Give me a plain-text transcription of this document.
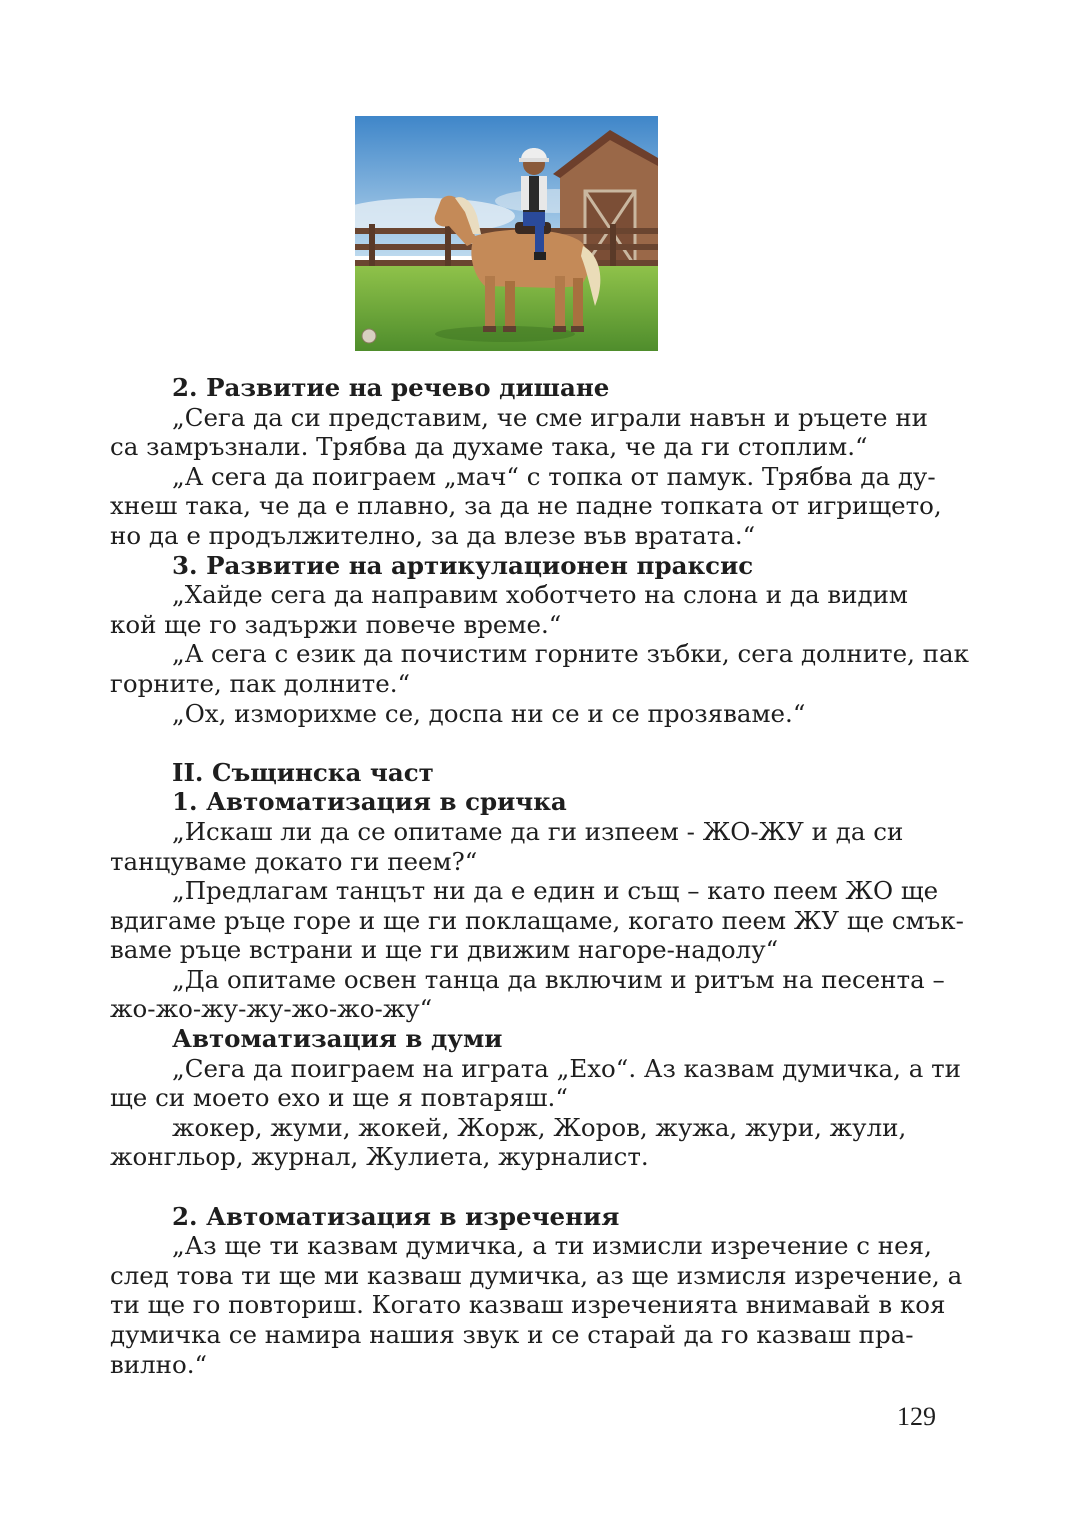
2. Развитие на речево дишане

„Сега да си представим, че сме играли навън и ръцете ни

са замръзнали. Трябва да духаме така, че да ги стоплим.“

„А сега да поиграем „мач“ с топка от памук. Трябва да ду-

хнеш така, че да е плавно, за да не падне топката от игрището,

но да е продължително, за да влезе във вратата.“

3. Развитие на артикулационен праксис

„Хайде сега да направим хоботчето на слона и да видим

кой ще го задържи повече време.“

„А сега с език да почистим горните зъбки, сега долните, пак

горните, пак долните.“

„Ох, изморихме се, доспа ни се и се прозяваме.“

II. Същинска част

1. Автоматизация в сричка

„Искаш ли да се опитаме да ги изпеем - ЖО-ЖУ и да си

танцуваме докато ги пеем?“

„Предлагам танцът ни да е един и същ – като пеем ЖО ще

вдигаме ръце горе и ще ги поклащаме, когато пеем ЖУ ще смък-

ваме ръце встрани и ще ги движим нагоре-надолу“

„Да опитаме освен танца да включим и ритъм на песента –

жо-жо-жу-жу-жо-жо-жу“

Автоматизация в думи

„Сега да поиграем на играта „Ехо“. Аз казвам думичка, а ти

ще си моето ехо и ще я повтаряш.“

жокер, жуми, жокей, Жорж, Жоров, жужа, жури, жули,

жонгльор, журнал, Жулиета, журналист.

2. Автоматизация в изречения

„Аз ще ти казвам думичка, а ти измисли изречение с нея,

след това ти ще ми казваш думичка, аз ще измисля изречение, а

ти ще го повториш. Когато казваш изреченията внимавай в коя

думичка се намира нашия звук и се старай да го казваш пра-

вилно.“

129
